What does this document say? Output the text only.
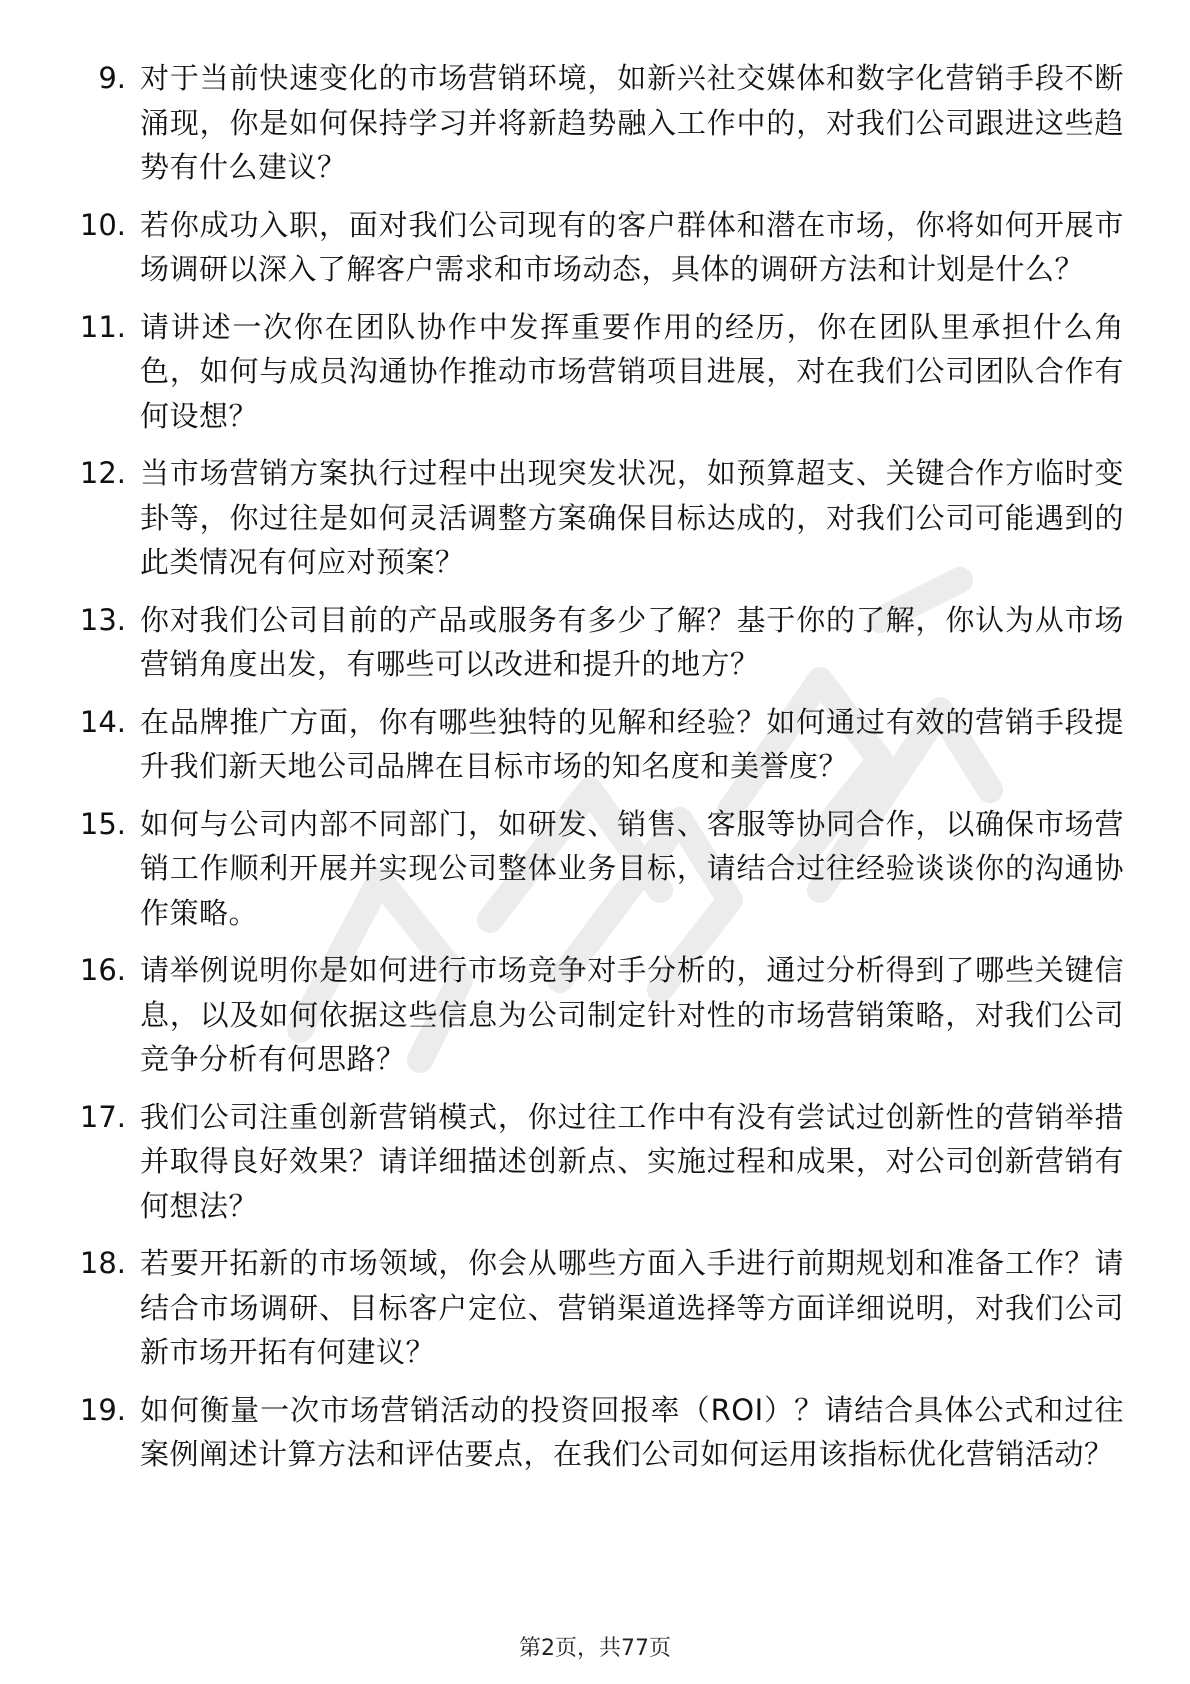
9. 对于当前快速变化的市场营销环境，如新兴社交媒体和数字化营销手段不断涌现，你是如何保持学习并将新趋势融入工作中的，对我们公司跟进这些趋势有什么建议？
10. 若你成功入职，面对我们公司现有的客户群体和潜在市场，你将如何开展市场调研以深入了解客户需求和市场动态，具体的调研方法和计划是什么？
11. 请讲述一次你在团队协作中发挥重要作用的经历，你在团队里承担什么角色，如何与成员沟通协作推动市场营销项目进展，对在我们公司团队合作有何设想？
12. 当市场营销方案执行过程中出现突发状况，如预算超支、关键合作方临时变卦等，你过往是如何灵活调整方案确保目标达成的，对我们公司可能遇到的此类情况有何应对预案？
13. 你对我们公司目前的产品或服务有多少了解？基于你的了解，你认为从市场营销角度出发，有哪些可以改进和提升的地方？
14. 在品牌推广方面，你有哪些独特的见解和经验？如何通过有效的营销手段提升我们新天地公司品牌在目标市场的知名度和美誉度？
15. 如何与公司内部不同部门，如研发、销售、客服等协同合作，以确保市场营销工作顺利开展并实现公司整体业务目标，请结合过往经验谈谈你的沟通协作策略。
16. 请举例说明你是如何进行市场竞争对手分析的，通过分析得到了哪些关键信息，以及如何依据这些信息为公司制定针对性的市场营销策略，对我们公司竞争分析有何思路？
17. 我们公司注重创新营销模式，你过往工作中有没有尝试过创新性的营销举措并取得良好效果？请详细描述创新点、实施过程和成果，对公司创新营销有何想法？
18. 若要开拓新的市场领域，你会从哪些方面入手进行前期规划和准备工作？请结合市场调研、目标客户定位、营销渠道选择等方面详细说明，对我们公司新市场开拓有何建议？
19. 如何衡量一次市场营销活动的投资回报率（ROI）？请结合具体公式和过往案例阐述计算方法和评估要点，在我们公司如何运用该指标优化营销活动？
第2页，共77页
